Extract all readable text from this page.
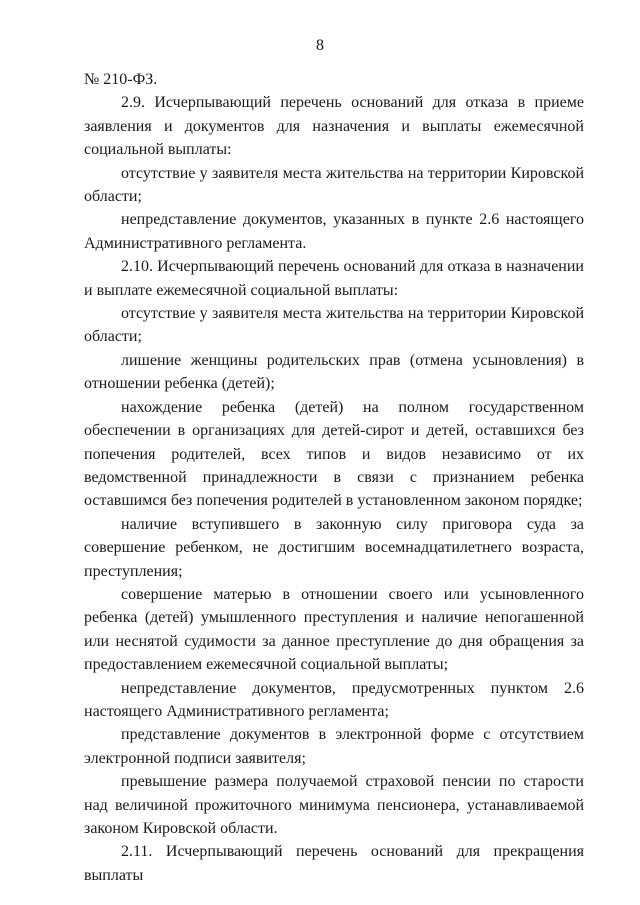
8

№ 210-ФЗ.

2.9. Исчерпывающий перечень оснований для отказа в приеме заявления и документов для назначения и выплаты ежемесячной социальной выплаты:

отсутствие у заявителя места жительства на территории Кировской области;

непредставление документов, указанных в пункте 2.6 настоящего Административного регламента.

2.10. Исчерпывающий перечень оснований для отказа в назначении и выплате ежемесячной социальной выплаты:

отсутствие у заявителя места жительства на территории Кировской области;

лишение женщины родительских прав (отмена усыновления) в отношении ребенка (детей);

нахождение ребенка (детей) на полном государственном обеспечении в организациях для детей-сирот и детей, оставшихся без попечения родителей, всех типов и видов независимо от их ведомственной принадлежности в связи с признанием ребенка оставшимся без попечения родителей в установленном законом порядке;

наличие вступившего в законную силу приговора суда за совершение ребенком, не достигшим восемнадцатилетнего возраста, преступления;

совершение матерью в отношении своего или усыновленного ребенка (детей) умышленного преступления и наличие непогашенной или неснятой судимости за данное преступление до дня обращения за предоставлением ежемесячной социальной выплаты;

непредставление документов, предусмотренных пунктом 2.6 настоящего Административного регламента;

представление документов в электронной форме с отсутствием электронной подписи заявителя;

превышение размера получаемой страховой пенсии по старости над величиной прожиточного минимума пенсионера, устанавливаемой законом Кировской области.

2.11. Исчерпывающий перечень оснований для прекращения выплаты
